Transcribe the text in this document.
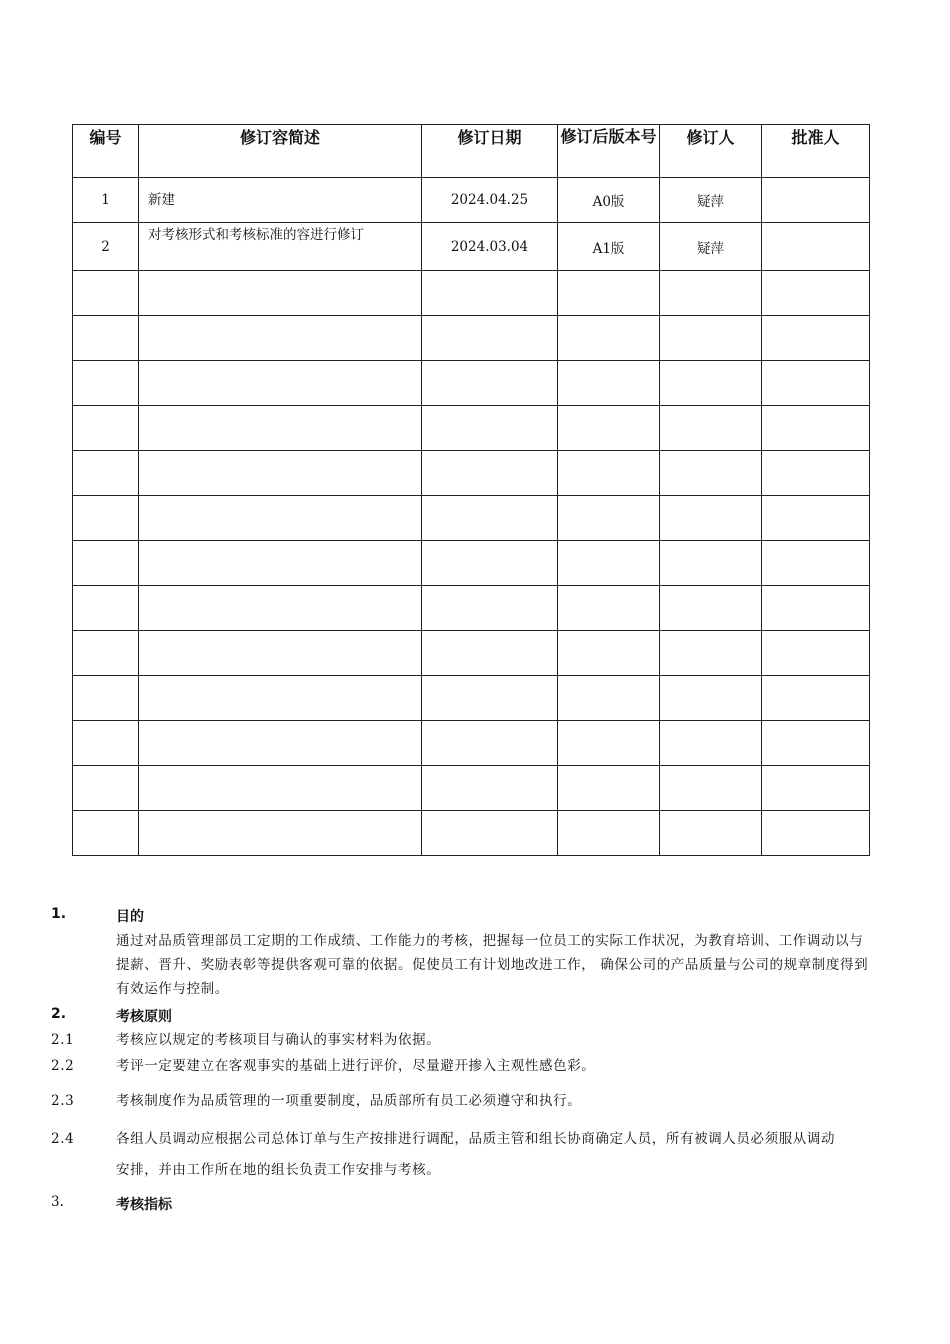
编号	修订容简述	修订日期	修订后版本号	修订人	批准人
1	新建	2024.04.25	A0版	疑萍	
2	对考核形式和考核标准的容进行修订	2024.03.04	A1版	疑萍	

1.	目的
通过对品质管理部员工定期的工作成绩、工作能力的考核，把握每一位员工的实际工作状况，为教育培训、工作调动以与提薪、晋升、奖励表彰等提供客观可靠的依据。促使员工有计划地改进工作， 确保公司的产品质量与公司的规章制度得到有效运作与控制。
2.	考核原则
2.1	考核应以规定的考核项目与确认的事实材料为依据。
2.2	考评一定要建立在客观事实的基础上进行评价，尽量避开掺入主观性感色彩。
2.3	考核制度作为品质管理的一项重要制度，品质部所有员工必须遵守和执行。
2.4	各组人员调动应根据公司总体订单与生产按排进行调配，品质主管和组长协商确定人员，所有被调人员必须服从调动安排，并由工作所在地的组长负责工作安排与考核。
3.	考核指标
